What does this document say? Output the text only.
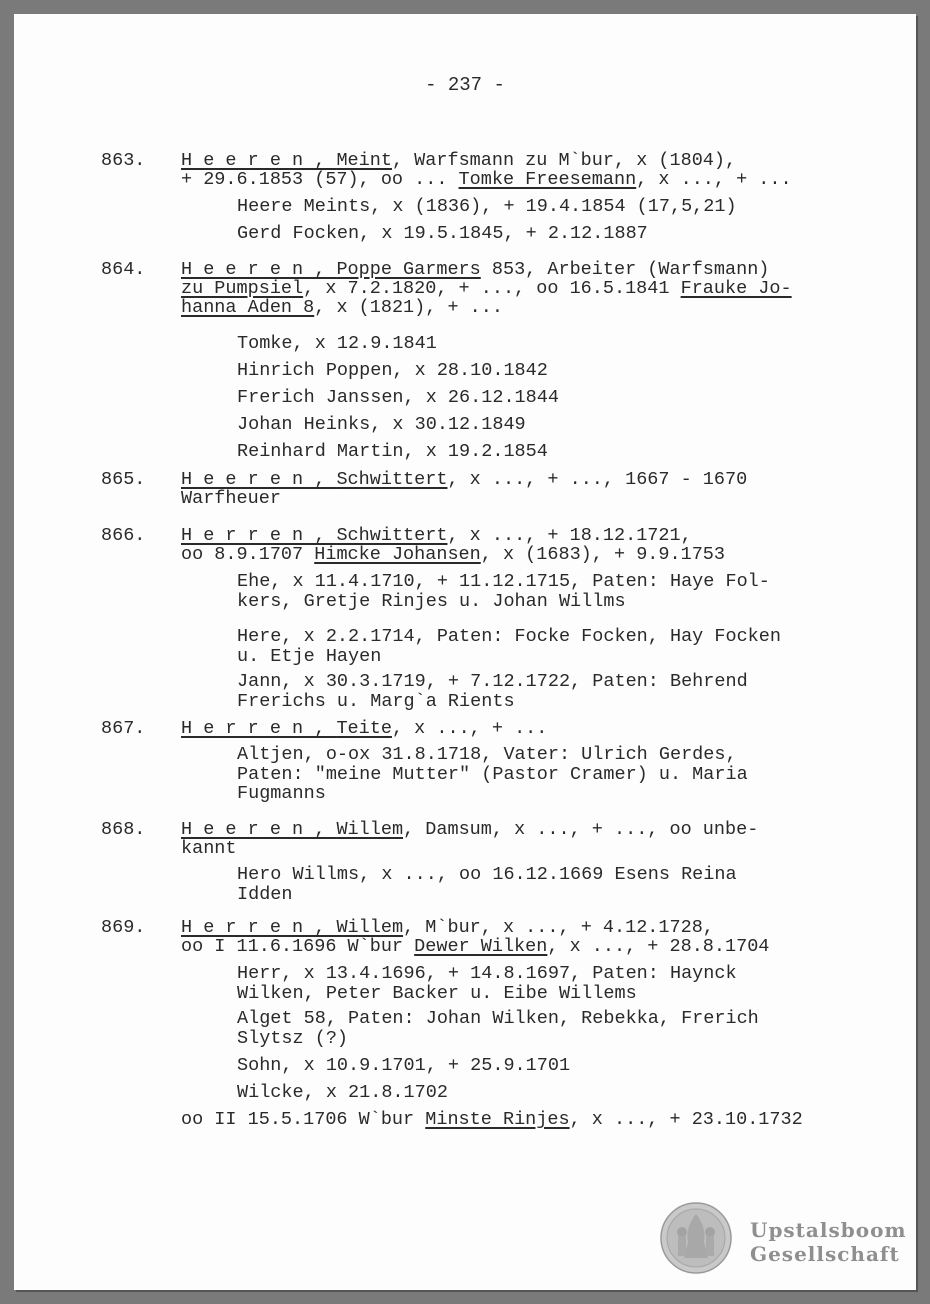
- 237 -
863. H e e r e n , Meint, Warfsmann zu M`bur, x (1804),
+ 29.6.1853 (57), oo ... Tomke Freesemann, x ..., + ...
Heere Meints, x (1836), + 19.4.1854 (17,5,21)
Gerd Focken, x 19.5.1845, + 2.12.1887
864. H e e r e n , Poppe Garmers 853, Arbeiter (Warfsmann)
zu Pumpsiel, x 7.2.1820, + ..., oo 16.5.1841 Frauke Jo-
hanna Aden 8, x (1821), + ...
Tomke, x 12.9.1841
Hinrich Poppen, x 28.10.1842
Frerich Janssen, x 26.12.1844
Johan Heinks, x 30.12.1849
Reinhard Martin, x 19.2.1854
865. H e e r e n , Schwittert, x ..., + ..., 1667 - 1670
Warfheuer
866. H e r r e n , Schwittert, x ..., + 18.12.1721,
oo 8.9.1707 Himcke Johansen, x (1683), + 9.9.1753
Ehe, x 11.4.1710, + 11.12.1715, Paten: Haye Fol-
kers, Gretje Rinjes u. Johan Willms
Here, x 2.2.1714, Paten: Focke Focken, Hay Focken
u. Etje Hayen
Jann, x 30.3.1719, + 7.12.1722, Paten: Behrend
Frerichs u. Marg`a Rients
867. H e r r e n , Teite, x ..., + ...
Altjen, o-ox 31.8.1718, Vater: Ulrich Gerdes,
Paten: "meine Mutter" (Pastor Cramer) u. Maria
Fugmanns
868. H e e r e n , Willem, Damsum, x ..., + ..., oo unbe-
kannt
Hero Willms, x ..., oo 16.12.1669 Esens Reina
Idden
869. H e r r e n , Willem, M`bur, x ..., + 4.12.1728,
oo I 11.6.1696 W`bur Dewer Wilken, x ..., + 28.8.1704
Herr, x 13.4.1696, + 14.8.1697, Paten: Haynck
Wilken, Peter Backer u. Eibe Willems
Alget 58, Paten: Johan Wilken, Rebekka, Frerich
Slytsz (?)
Sohn, x 10.9.1701, + 25.9.1701
Wilcke, x 21.8.1702
oo II 15.5.1706 W`bur Minste Rinjes, x ..., + 23.10.1732
Upstalsboom
Gesellschaft
